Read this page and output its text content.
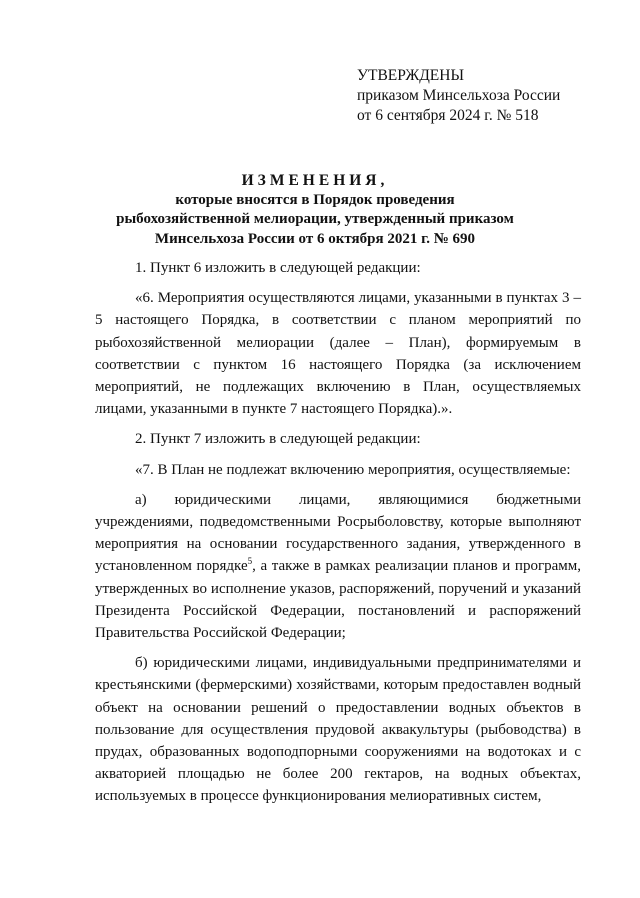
УТВЕРЖДЕНЫ
приказом Минсельхоза России
от 6 сентября 2024 г. № 518
ИЗМЕНЕНИЯ,
которые вносятся в Порядок проведения
рыбохозяйственной мелиорации, утвержденный приказом
Минсельхоза России от 6 октября 2021 г. № 690

1. Пункт 6 изложить в следующей редакции:

«6. Мероприятия осуществляются лицами, указанными в пунктах 3 – 5 настоящего Порядка, в соответствии с планом мероприятий по рыбохозяйственной мелиорации (далее – План), формируемым в соответствии с пунктом 16 настоящего Порядка (за исключением мероприятий, не подлежащих включению в План, осуществляемых лицами, указанными в пункте 7 настоящего Порядка).».

2. Пункт 7 изложить в следующей редакции:

«7. В План не подлежат включению мероприятия, осуществляемые:

а) юридическими лицами, являющимися бюджетными учреждениями, подведомственными Росрыболовству, которые выполняют мероприятия на основании государственного задания, утвержденного в установленном порядке$^5$, а также в рамках реализации планов и программ, утвержденных во исполнение указов, распоряжений, поручений и указаний Президента Российской Федерации, постановлений и распоряжений Правительства Российской Федерации;

б) юридическими лицами, индивидуальными предпринимателями и крестьянскими (фермерскими) хозяйствами, которым предоставлен водный объект на основании решений о предоставлении водных объектов в пользование для осуществления прудовой аквакультуры (рыбоводства) в прудах, образованных водоподпорными сооружениями на водотоках и с акваторией площадью не более 200 гектаров, на водных объектах, используемых в процессе функционирования мелиоративных систем,
